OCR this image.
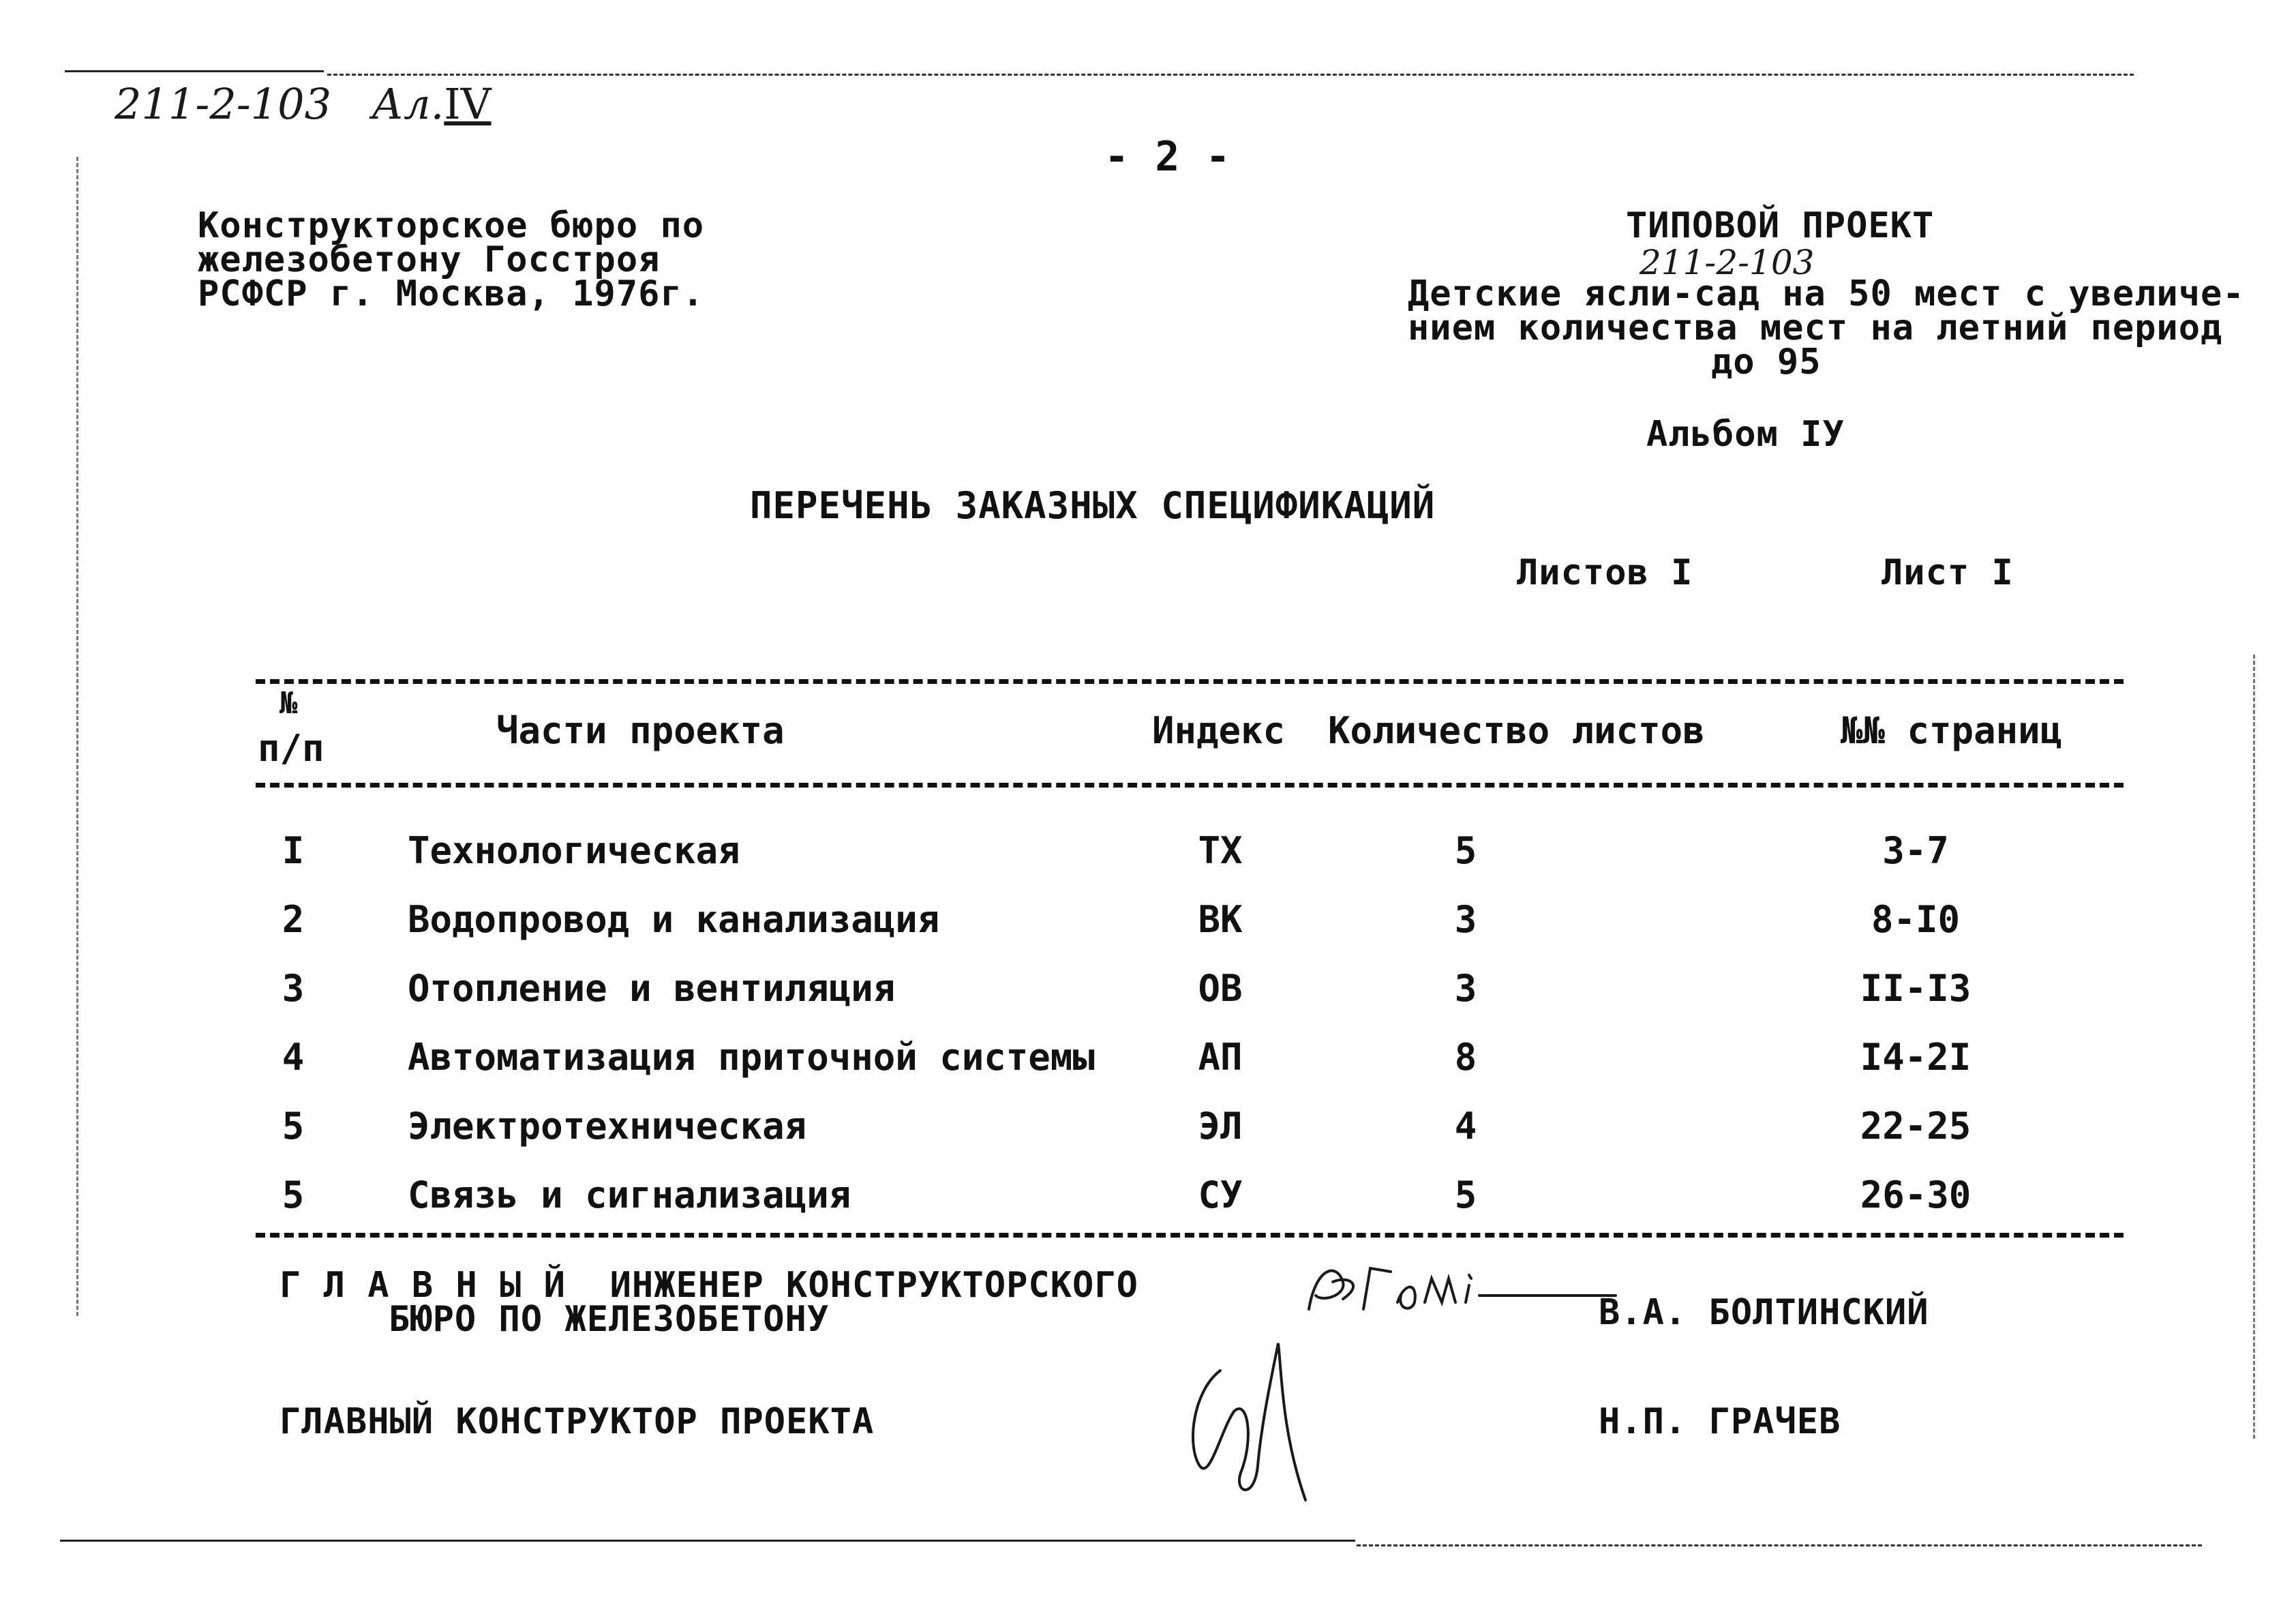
211-2-103 Ал.IV
- 2 -
Конструкторское бюро по
железобетону Госстроя
РСФСР г. Москва, 1976г.
ТИПОВОЙ ПРОЕКТ
211-2-103
Детские ясли-сад на 50 мест с увеличе-
нием количества мест на летний период
до 95
Альбом IУ
ПЕРЕЧЕНЬ ЗАКАЗНЫХ СПЕЦИФИКАЦИЙ
Листов I	Лист I
№
п/п	Части проекта	Индекс Количество листов	№№ страниц
I	Технологическая	ТХ	5	3-7
2	Водопровод и канализация	ВК	3	8-I0
3	Отопление и вентиляция	ОВ	3	II-I3
4	Автоматизация приточной системы	АП	8	I4-2I
5	Электротехническая	ЭЛ	4	22-25
5	Связь и сигнализация	СУ	5	26-30
Г Л А В Н Ы Й  ИНЖЕНЕР КОНСТРУКТОРСКОГО
БЮРО ПО ЖЕЛЕЗОБЕТОНУ	В.А. БОЛТИНСКИЙ
ГЛАВНЫЙ КОНСТРУКТОР ПРОЕКТА	Н.П. ГРАЧЕВ
